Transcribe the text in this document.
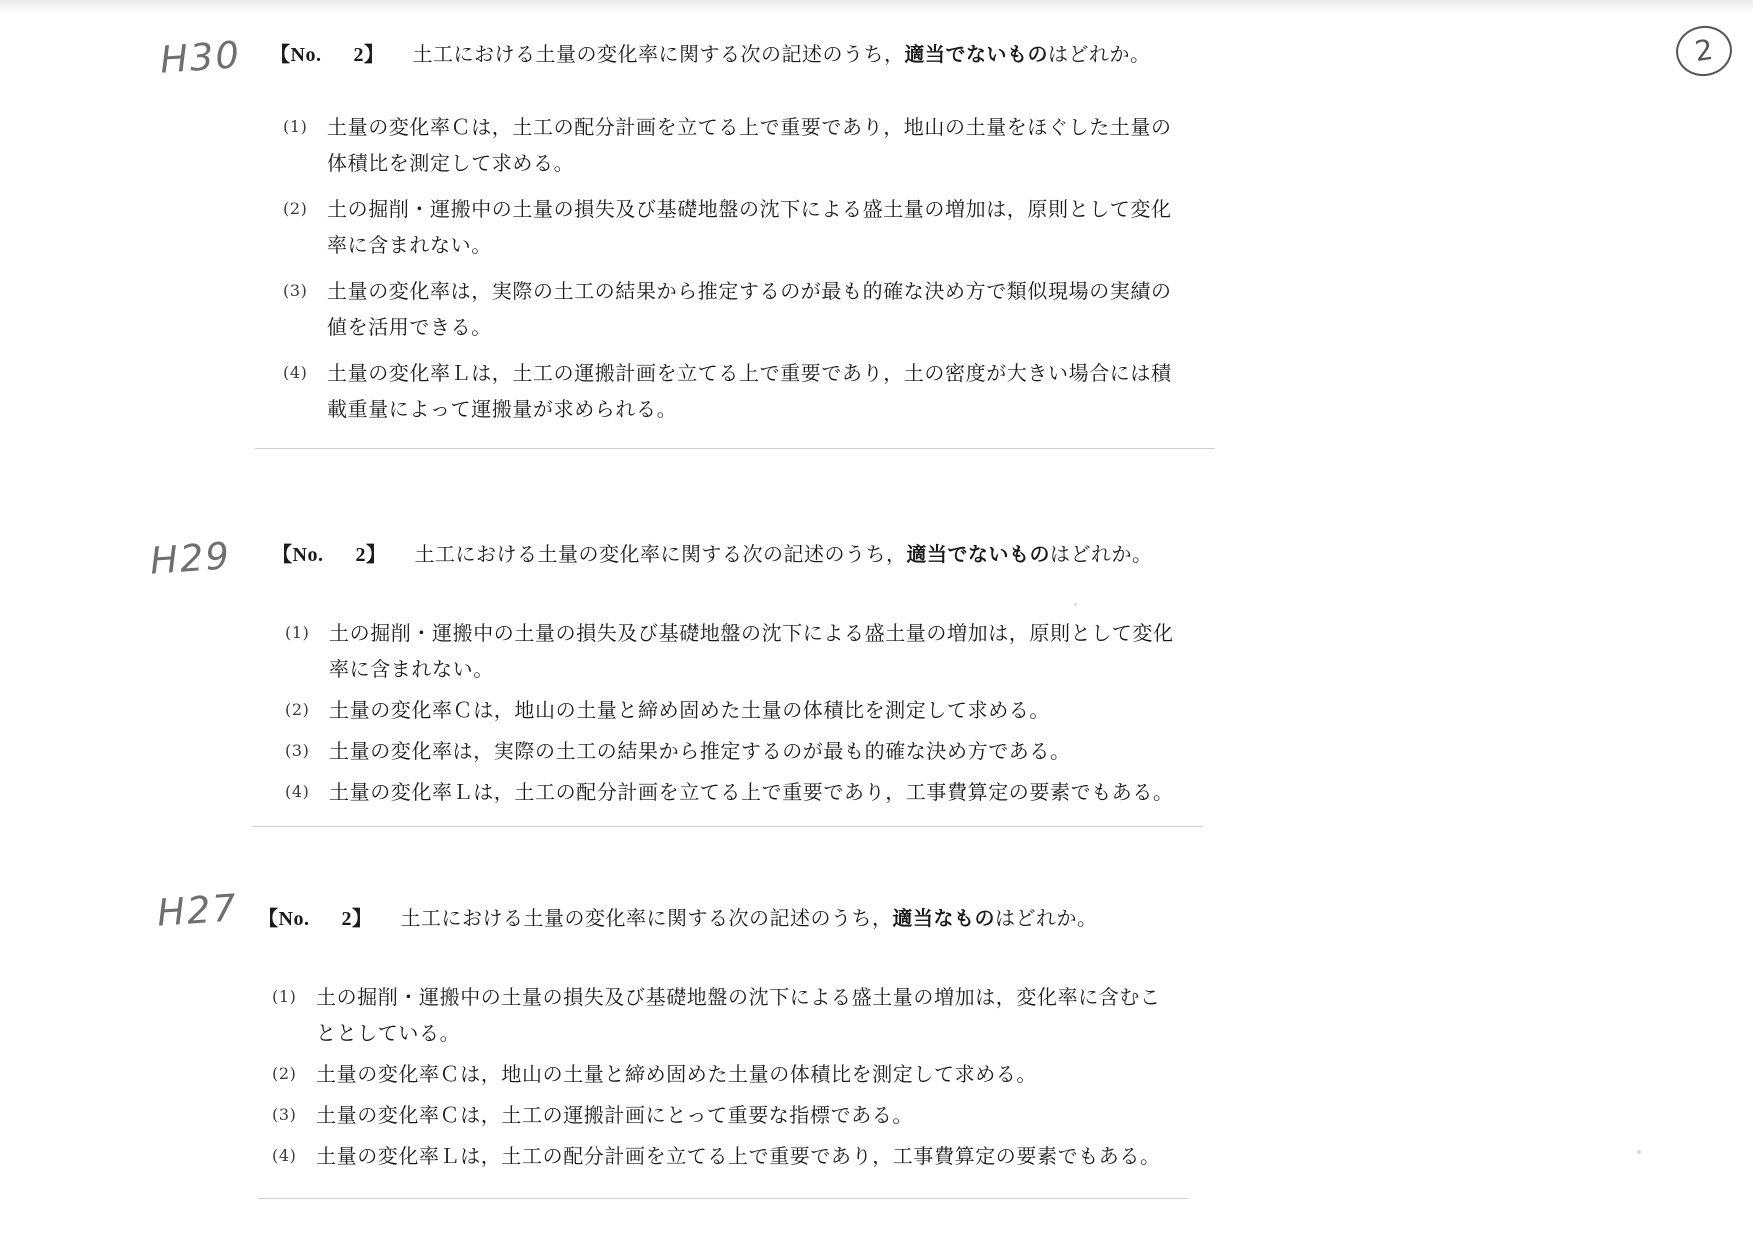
2
H30 【No. 2】 土工における土量の変化率に関する次の記述のうち，適当でないものはどれか。
(1) 土量の変化率Ｃは，土工の配分計画を立てる上で重要であり，地山の土量をほぐした土量の体積比を測定して求める。
(2) 土の掘削・運搬中の土量の損失及び基礎地盤の沈下による盛土量の増加は，原則として変化率に含まれない。
(3) 土量の変化率は，実際の土工の結果から推定するのが最も的確な決め方で類似現場の実績の値を活用できる。
(4) 土量の変化率Ｌは，土工の運搬計画を立てる上で重要であり，土の密度が大きい場合には積載重量によって運搬量が求められる。
H29 【No. 2】 土工における土量の変化率に関する次の記述のうち，適当でないものはどれか。
(1) 土の掘削・運搬中の土量の損失及び基礎地盤の沈下による盛土量の増加は，原則として変化率に含まれない。
(2) 土量の変化率Ｃは，地山の土量と締め固めた土量の体積比を測定して求める。
(3) 土量の変化率は，実際の土工の結果から推定するのが最も的確な決め方である。
(4) 土量の変化率Ｌは，土工の配分計画を立てる上で重要であり，工事費算定の要素でもある。
H27 【No. 2】 土工における土量の変化率に関する次の記述のうち，適当なものはどれか。
(1) 土の掘削・運搬中の土量の損失及び基礎地盤の沈下による盛土量の増加は，変化率に含むこととしている。
(2) 土量の変化率Ｃは，地山の土量と締め固めた土量の体積比を測定して求める。
(3) 土量の変化率Ｃは，土工の運搬計画にとって重要な指標である。
(4) 土量の変化率Ｌは，土工の配分計画を立てる上で重要であり，工事費算定の要素でもある。
